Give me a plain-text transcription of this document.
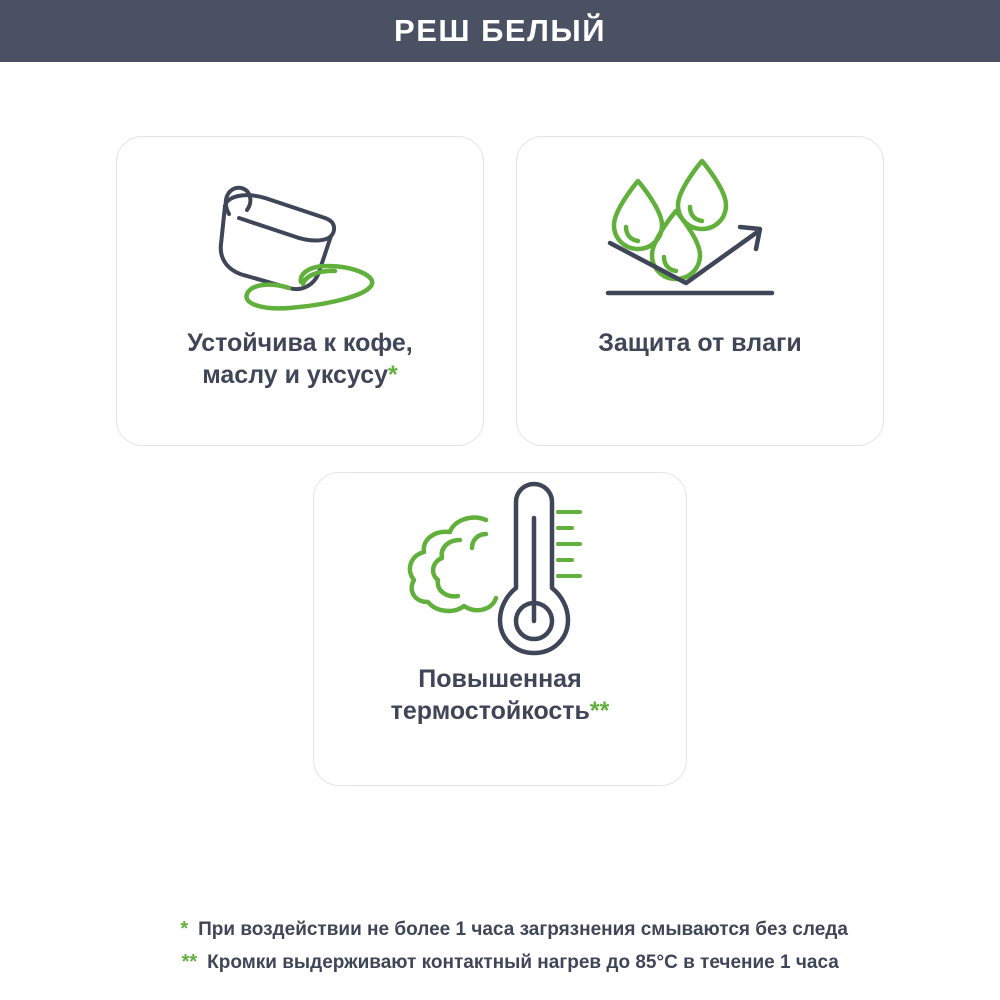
РЕШ БЕЛЫЙ
Устойчива к кофе,
маслу и уксусу*
Защита от влаги
Повышенная
термостойкость**
* При воздействии не более 1 часа загрязнения смываются без следа
** Кромки выдерживают контактный нагрев до 85°С в течение 1 часа
